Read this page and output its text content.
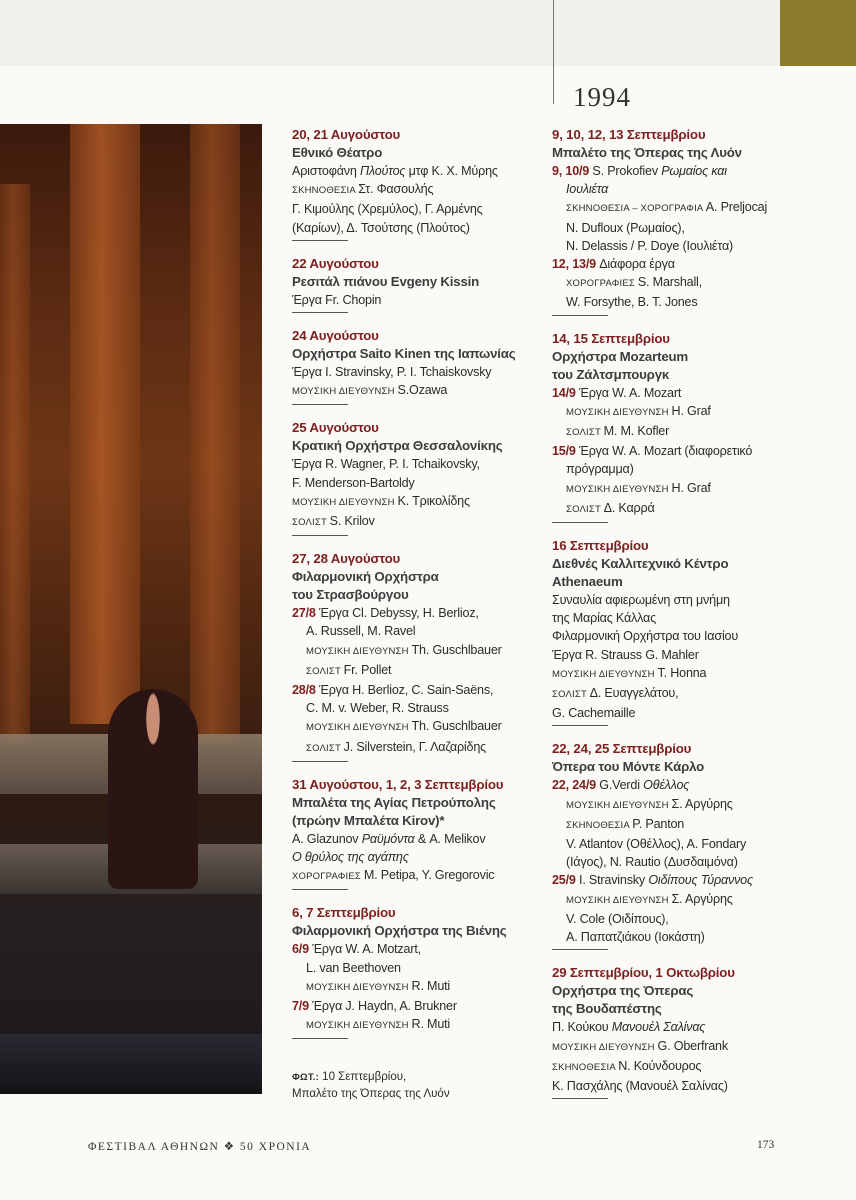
1994
20, 21 Αυγούστου
Εθνικό Θέατρο
Αριστοφάνη Πλούτος μτφ Κ. Χ. Μύρης
ΣΚΗΝΟΘΕΣΙΑ Στ. Φασουλής
Γ. Κιμούλης (Χρεμύλος), Γ. Αρμένης
(Καρίων), Δ. Τσούτσης (Πλούτος)
22 Αυγούστου
Ρεσιτάλ πιάνου Evgeny Kissin
Έργα Fr. Chopin
24 Αυγούστου
Ορχήστρα Saito Kinen της Ιαπωνίας
Έργα I. Stravinsky, P. I. Tchaiskovsky
ΜΟΥΣΙΚΗ ΔΙΕΥΘΥΝΣΗ S.Ozawa
25 Αυγούστου
Κρατική Ορχήστρα Θεσσαλονίκης
Έργα R. Wagner, P. I. Tchaikovsky,
F. Menderson-Bartoldy
ΜΟΥΣΙΚΗ ΔΙΕΥΘΥΝΣΗ Κ. Τρικολίδης
ΣΟΛΙΣΤ S. Krilov
27, 28 Αυγούστου
Φιλαρμονική Ορχήστρα
του Στρασβούργου
27/8 Έργα Cl. Debyssy, H. Berlioz,
A. Russell, M. Ravel
ΜΟΥΣΙΚΗ ΔΙΕΥΘΥΝΣΗ Th. Guschlbauer
ΣΟΛΙΣΤ Fr. Pollet
28/8 Έργα H. Berlioz, C. Sain-Saëns,
C. M. v. Weber, R. Strauss
ΜΟΥΣΙΚΗ ΔΙΕΥΘΥΝΣΗ Th. Guschlbauer
ΣΟΛΙΣΤ J. Silverstein, Γ. Λαζαρίδης
31 Αυγούστου, 1, 2, 3 Σεπτεμβρίου
Μπαλέτα της Αγίας Πετρούπολης
(πρώην Μπαλέτα Kirov)*
A. Glazunov Ραϋμόντα & A. Melikov
Ο θρύλος της αγάπης
ΧΟΡΟΓΡΑΦΙΕΣ M. Petipa, Y. Gregorovic
6, 7 Σεπτεμβρίου
Φιλαρμονική Ορχήστρα της Βιένης
6/9 Έργα W. A. Motzart,
L. van Beethoven
ΜΟΥΣΙΚΗ ΔΙΕΥΘΥΝΣΗ R. Muti
7/9 Έργα J. Haydn, A. Brukner
ΜΟΥΣΙΚΗ ΔΙΕΥΘΥΝΣΗ R. Muti
9, 10, 12, 13 Σεπτεμβρίου
Μπαλέτο της Όπερας της Λυόν
9, 10/9 S. Prokofiev Ρωμαίος και
Ιουλιέτα
ΣΚΗΝΟΘΕΣΙΑ – ΧΟΡΟΓΡΑΦΙΑ A. Preljocaj
N. Dufloux (Ρωμαίος),
N. Delassis / P. Doye (Ιουλιέτα)
12, 13/9 Διάφορα έργα
ΧΟΡΟΓΡΑΦΙΕΣ S. Marshall,
W. Forsythe, B. T. Jones
14, 15 Σεπτεμβρίου
Ορχήστρα Mozarteum
του Ζάλτσμπουργκ
14/9 Έργα W. A. Mozart
ΜΟΥΣΙΚΗ ΔΙΕΥΘΥΝΣΗ H. Graf
ΣΟΛΙΣΤ M. M. Kofler
15/9 Έργα W. A. Mozart (διαφορετικό
πρόγραμμα)
ΜΟΥΣΙΚΗ ΔΙΕΥΘΥΝΣΗ H. Graf
ΣΟΛΙΣΤ Δ. Καρρά
16 Σεπτεμβρίου
Διεθνές Καλλιτεχνικό Κέντρο
Athenaeum
Συναυλία αφιερωμένη στη μνήμη
της Μαρίας Κάλλας
Φιλαρμονική Ορχήστρα του Ιασίου
Έργα R. Strauss G. Mahler
ΜΟΥΣΙΚΗ ΔΙΕΥΘΥΝΣΗ T. Honna
ΣΟΛΙΣΤ Δ. Ευαγγελάτου,
G. Cachemaille
22, 24, 25 Σεπτεμβρίου
Όπερα του Μόντε Κάρλο
22, 24/9 G.Verdi Οθέλλος
ΜΟΥΣΙΚΗ ΔΙΕΥΘΥΝΣΗ Σ. Αργύρης
ΣΚΗΝΟΘΕΣΙΑ P. Panton
V. Atlantov (Οθέλλος), A. Fondary
(Ιάγος), N. Rautio (Δυσδαιμόνα)
25/9 I. Stravinsky Οιδίπους Τύραννος
ΜΟΥΣΙΚΗ ΔΙΕΥΘΥΝΣΗ Σ. Αργύρης
V. Cole (Οιδίπους),
Α. Παπατζιάκου (Ιοκάστη)
29 Σεπτεμβρίου, 1 Οκτωβρίου
Ορχήστρα της Όπερας
της Βουδαπέστης
Π. Κούκου Μανουέλ Σαλίνας
ΜΟΥΣΙΚΗ ΔΙΕΥΘΥΝΣΗ G. Oberfrank
ΣΚΗΝΟΘΕΣΙΑ Ν. Κούνδουρος
Κ. Πασχάλης (Μανουέλ Σαλίνας)
ΦΩΤ.: 10 Σεπτεμβρίου,
Μπαλέτο της Όπερας της Λυόν
ΦΕΣΤΙΒΑΛ ΑΘΗΝΩΝ ❖ 50 ΧΡΟΝΙΑ	173
